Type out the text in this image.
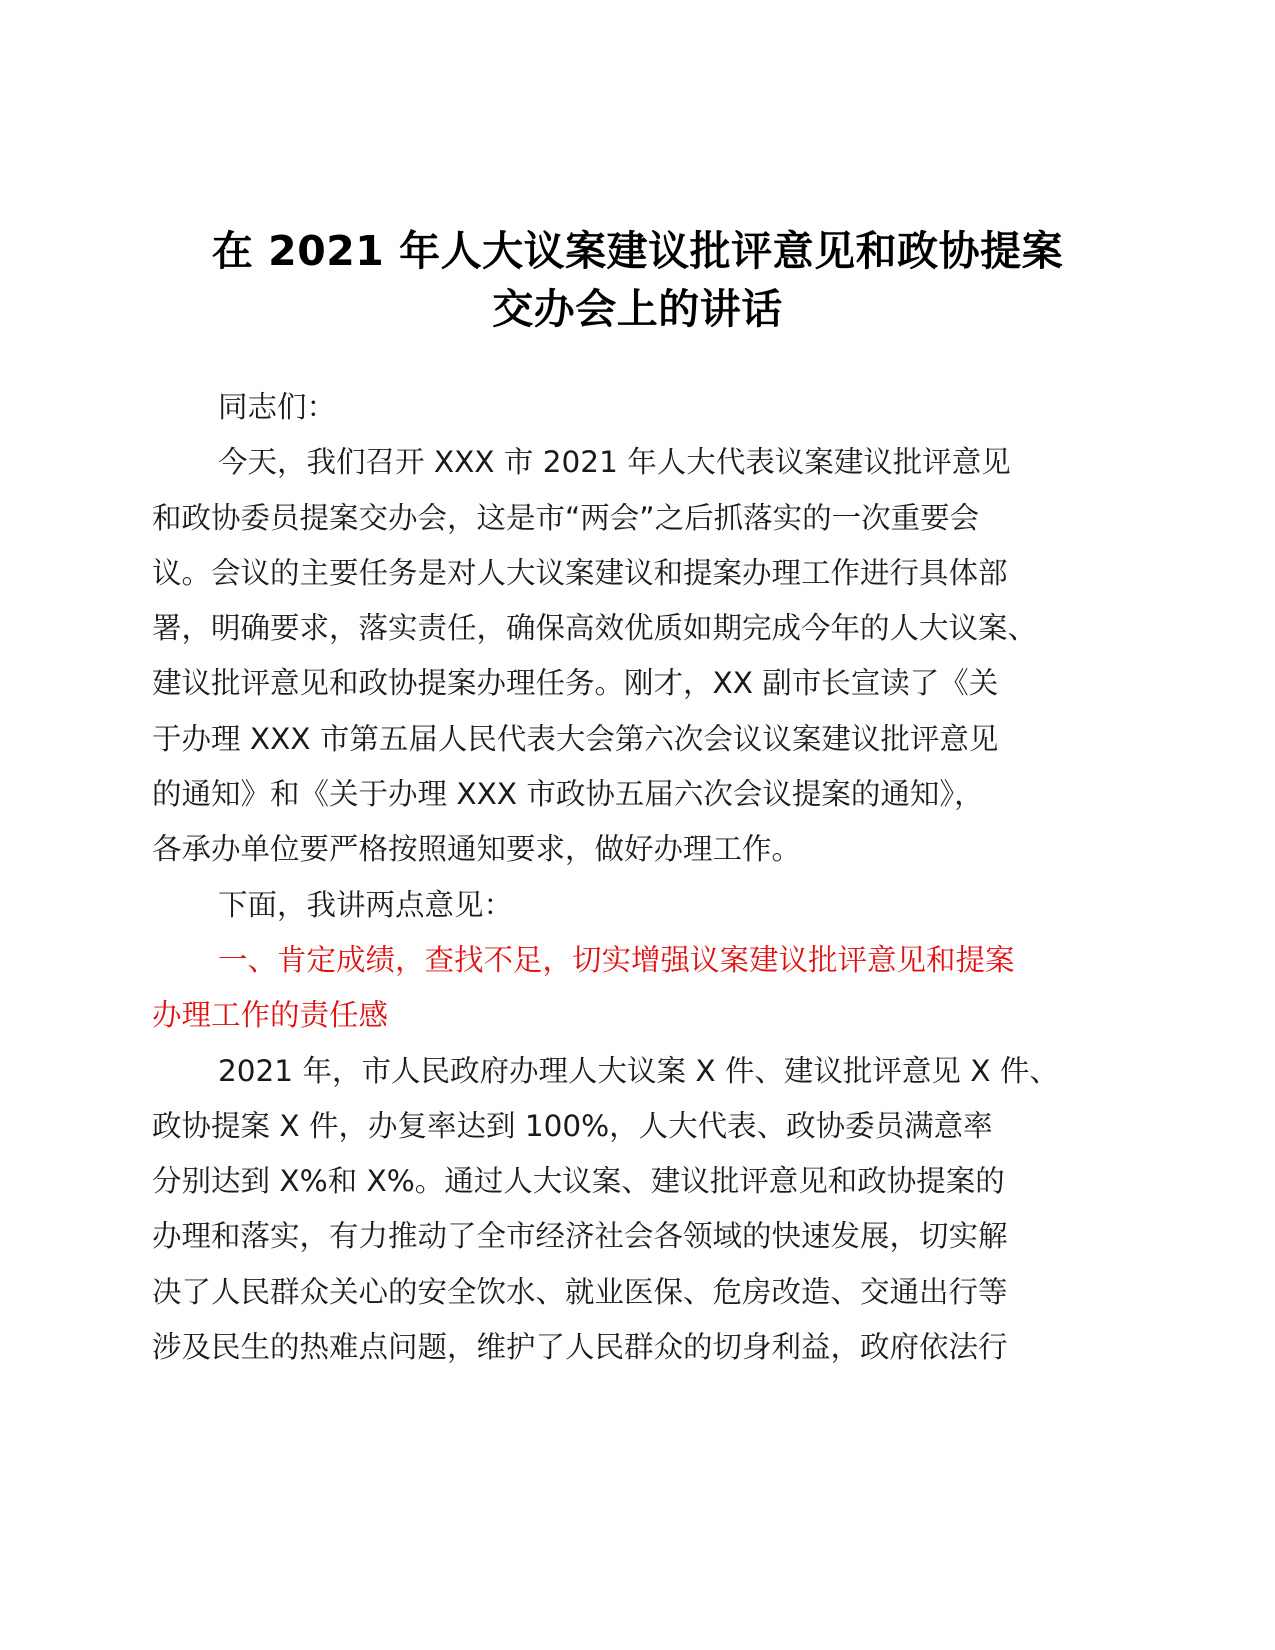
在 2021 年人大议案建议批评意见和政协提案
交办会上的讲话
同志们：
今天，我们召开 XXX 市 2021 年人大代表议案建议批评意见
和政协委员提案交办会，这是市“两会”之后抓落实的一次重要会
议。会议的主要任务是对人大议案建议和提案办理工作进行具体部
署，明确要求，落实责任，确保高效优质如期完成今年的人大议案、
建议批评意见和政协提案办理任务。刚才，XX 副市长宣读了《关
于办理 XXX 市第五届人民代表大会第六次会议议案建议批评意见
的通知》和《关于办理 XXX 市政协五届六次会议提案的通知》，
各承办单位要严格按照通知要求，做好办理工作。
下面，我讲两点意见：
一、肯定成绩，查找不足，切实增强议案建议批评意见和提案
办理工作的责任感
2021 年，市人民政府办理人大议案 X 件、建议批评意见 X 件、
政协提案 X 件，办复率达到 100%，人大代表、政协委员满意率
分别达到 X%和 X%。通过人大议案、建议批评意见和政协提案的
办理和落实，有力推动了全市经济社会各领域的快速发展，切实解
决了人民群众关心的安全饮水、就业医保、危房改造、交通出行等
涉及民生的热难点问题，维护了人民群众的切身利益，政府依法行
